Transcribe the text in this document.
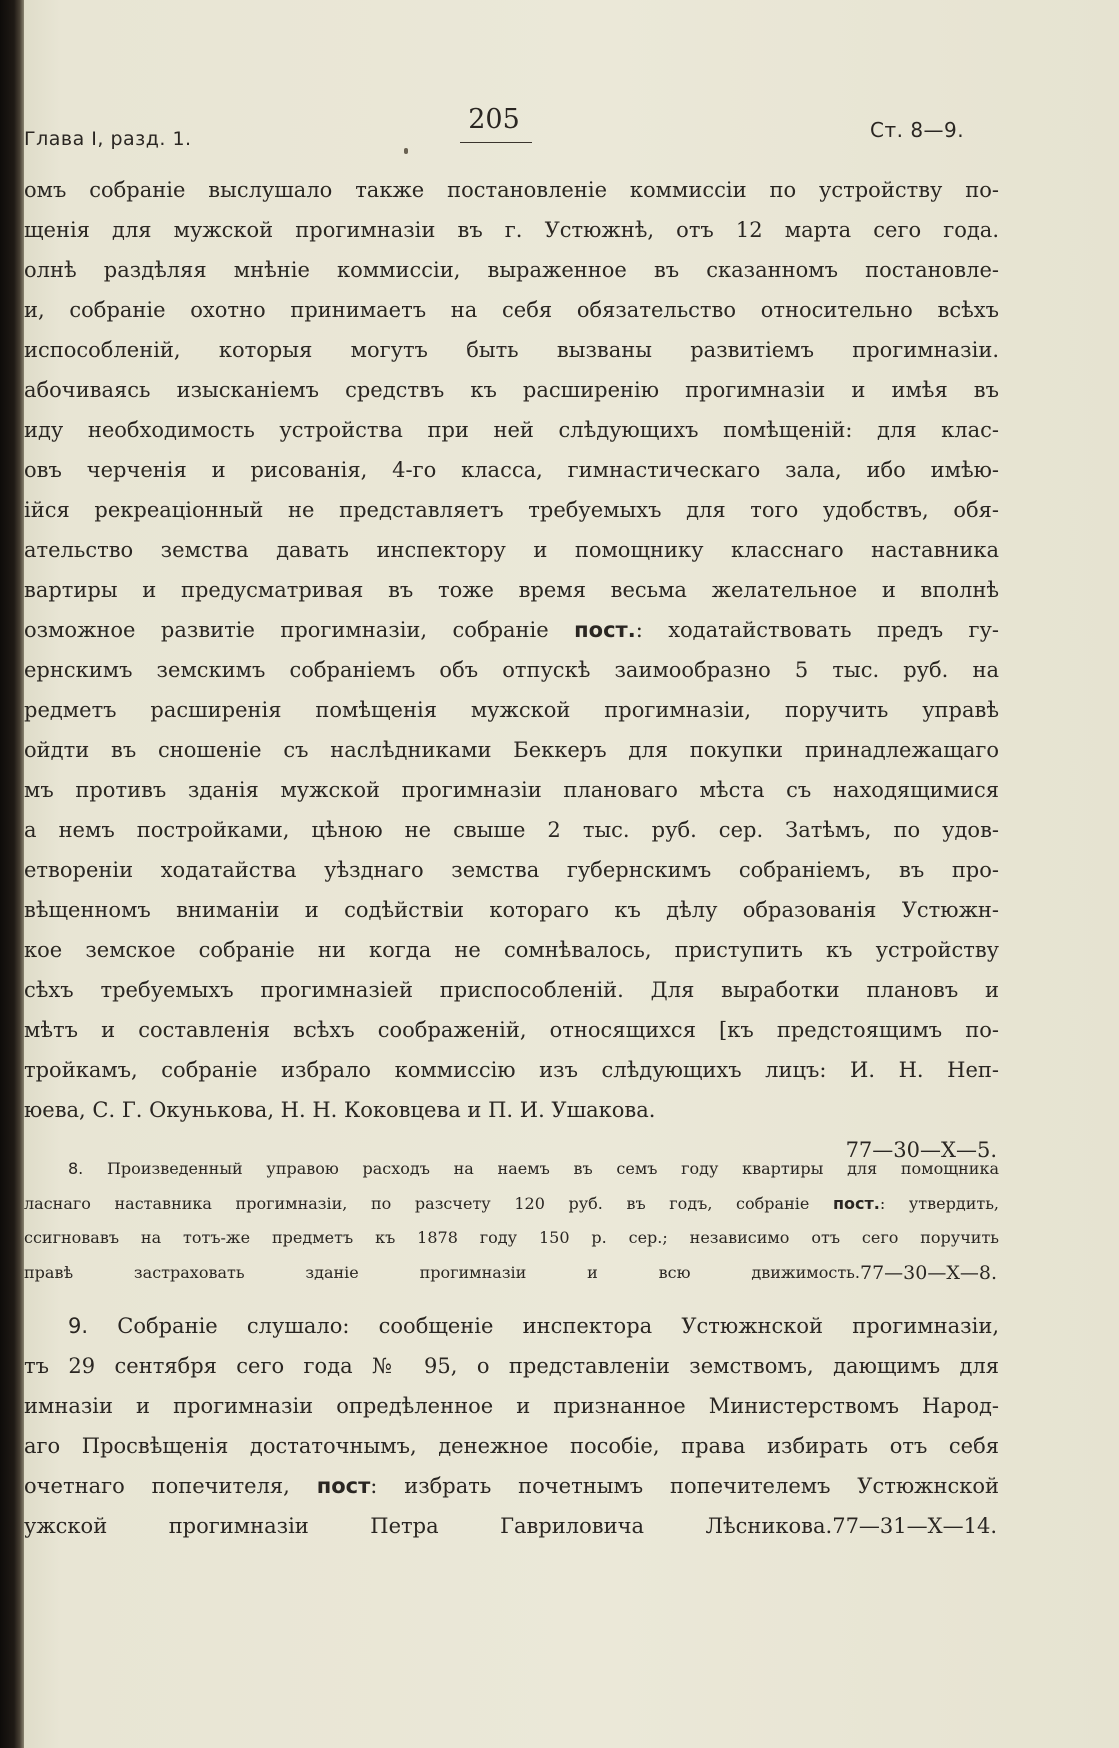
Глава I, разд. 1.
205	Ст. 8—9.
омъ собраніе выслушало также постановленіе коммиссіи по устройству по-
щенія для мужской прогимназіи въ г. Устюжнѣ, отъ 12 марта сего года.
олнѣ раздѣляя мнѣніе коммиссіи, выраженное въ сказанномъ постановле-
и, собраніе охотно принимаетъ на себя обязательство относительно всѣхъ
испособленій, которыя могутъ быть вызваны развитіемъ прогимназіи.
абочиваясь изысканіемъ средствъ къ расширенію прогимназіи и имѣя въ
иду необходимость устройства при ней слѣдующихъ помѣщеній: для клас-
овъ черченія и рисованія, 4-го класса, гимнастическаго зала, ибо имѣю-
ійся рекреаціонный не представляетъ требуемыхъ для того удобствъ, обя-
ательство земства давать инспектору и помощнику класснаго наставника
вартиры и предусматривая въ тоже время весьма желательное и вполнѣ
озможное развитіе прогимназіи, собраніе пост.: ходатайствовать предъ гу-
ернскимъ земскимъ собраніемъ объ отпускѣ заимообразно 5 тыс. руб. на
редметъ расширенія помѣщенія мужской прогимназіи, поручить управѣ
ойдти въ сношеніе съ наслѣдниками Беккеръ для покупки принадлежащаго
мъ противъ зданія мужской прогимназіи плановаго мѣста съ находящимися
а немъ постройками, цѣною не свыше 2 тыс. руб. сер. Затѣмъ, по удов-
етвореніи ходатайства уѣзднаго земства губернскимъ собраніемъ, въ про-
вѣщенномъ вниманіи и содѣйствіи котораго къ дѣлу образованія Устюжн-
кое земское собраніе ни когда не сомнѣвалось, приступить къ устройству
сѣхъ требуемыхъ прогимназіей приспособленій. Для выработки плановъ и
мѣтъ и составленія всѣхъ соображеній, относящихся [къ предстоящимъ по-
тройкамъ, собраніе избрало коммиссію изъ слѣдующихъ лицъ: И. Н. Неп-
юева, С. Г. Окунькова, Н. Н. Коковцева и П. И. Ушакова.
77—30—X—5.
8. Произведенный управою расходъ на наемъ въ семъ году квартиры для помощника
ласнаго наставника прогимназіи, по разсчету 120 руб. въ годъ, собраніе пост.: утвердить,
ссигновавъ на тотъ-же предметъ къ 1878 году 150 р. сер.; независимо отъ сего поручить
правѣ застраховать зданіе прогимназіи и всю движимость. 77—30—X—8.
9. Собраніе слушало: сообщеніе инспектора Устюжнской прогимназіи,
тъ 29 сентября сего года № 95, о представленіи земствомъ, дающимъ для
имназіи и прогимназіи опредѣленное и признанное Министерствомъ Народ-
аго Просвѣщенія достаточнымъ, денежное пособіе, права избирать отъ себя
очетнаго попечителя, пост: избрать почетнымъ попечителемъ Устюжнской
ужской прогимназіи Петра Гавриловича Лѣсникова. 77—31—X—14.
